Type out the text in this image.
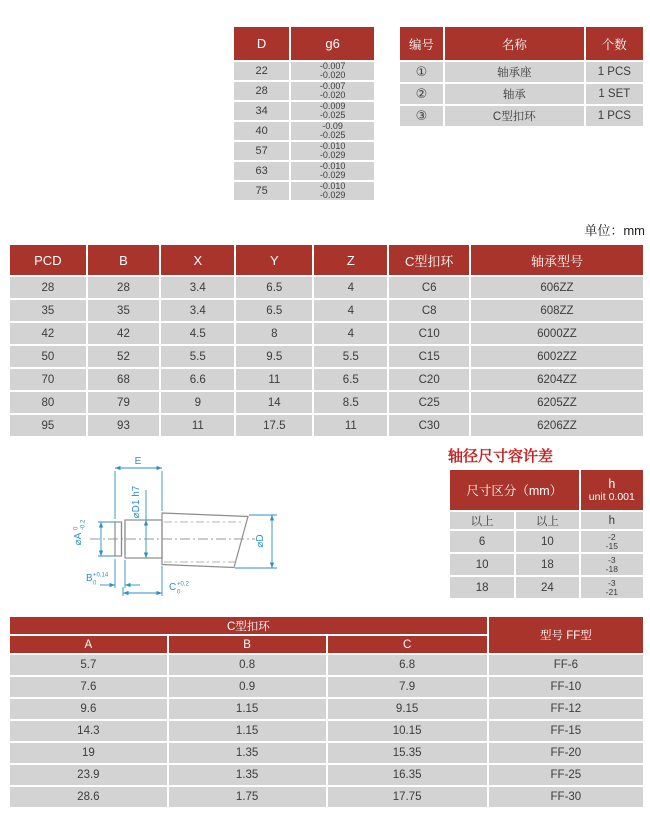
D	g6
22	-0.007
-0.020

28	-0.007
-0.020

34	-0.009
-0.025

40	-0.09
-0.025

57	-0.010
-0.029

63	-0.010
-0.029

75	-0.010
-0.029
编号	名称	个数
①	轴承座	1 PCS
②	轴承	1 SET
③	C型扣环	1 PCS
单位：mm
PCD	B	X	Y	Z	C型扣环	轴承型号
28	28	3.4	6.5	4	C6	606ZZ
35	35	3.4	6.5	4	C8	608ZZ
42	42	4.5	8	4	C10	6000ZZ
50	52	5.5	9.5	5.5	C15	6002ZZ
70	68	6.6	11	6.5	C20	6204ZZ
80	79	9	14	8.5	C25	6205ZZ
95	93	11	17.5	11	C30	6206ZZ
E
⌀D1 h7
⌀A
0 -0.2
⌀D
B +0.14
0	C +0.2
0
轴径尺寸容许差
尺寸区分（mm）		h
unit 0.001

以上	以上	h
6	10	-2
-15

10	18	-3
-18

18	24	-3
-21
C型扣环			型号 FF型
A	B	C	
5.7	0.8	6.8	FF-6
7.6	0.9	7.9	FF-10
9.6	1.15	9.15	FF-12
14.3	1.15	10.15	FF-15
19	1.35	15.35	FF-20
23.9	1.35	16.35	FF-25
28.6	1.75	17.75	FF-30
